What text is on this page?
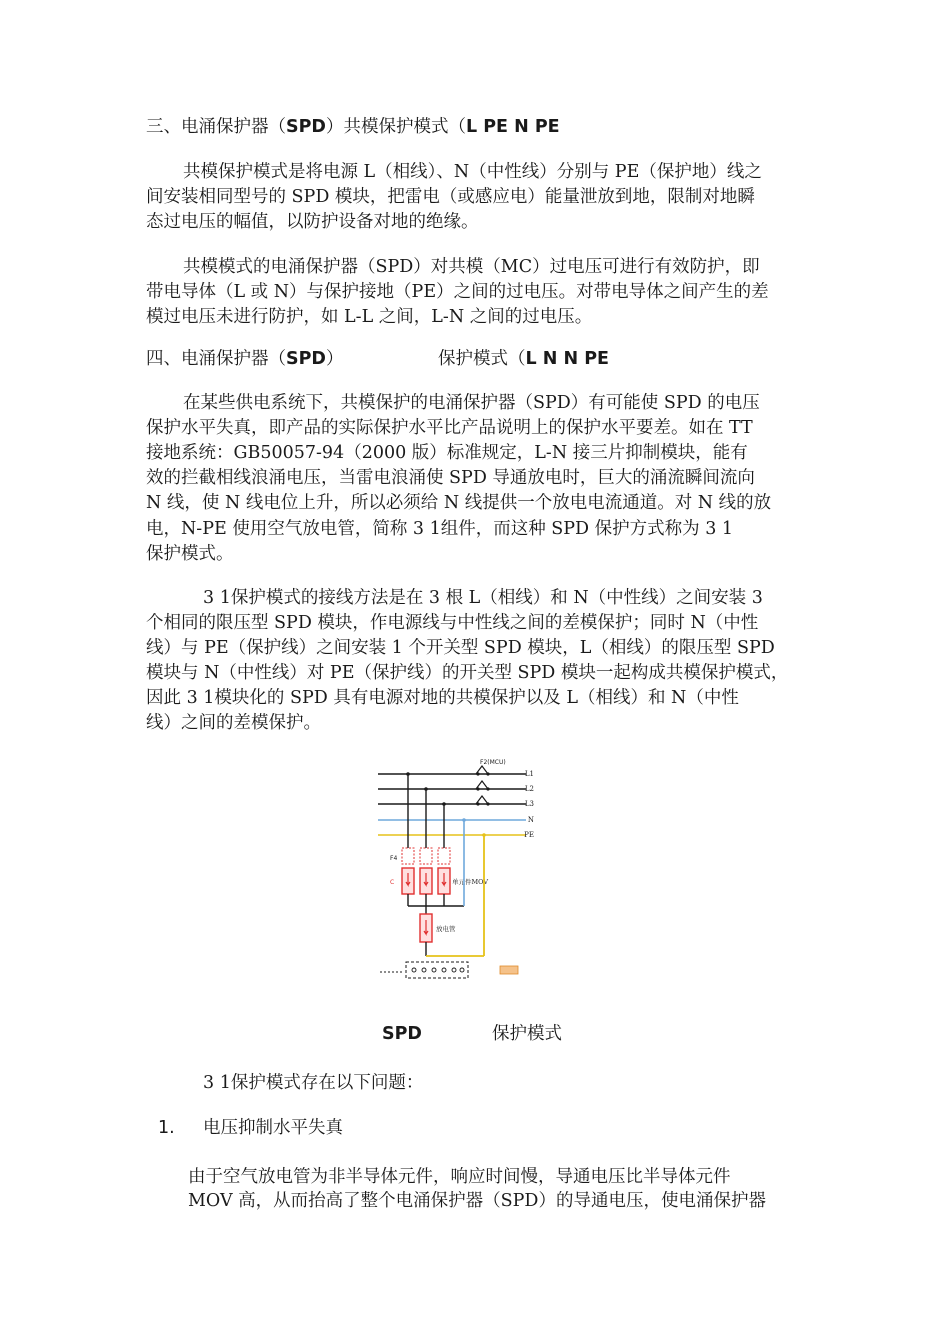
三、电涌保护器（SPD）共模保护模式（L PE N PE
共模保护模式是将电源 L（相线）、N（中性线）分别与 PE（保护地）线之
间安装相同型号的 SPD 模块，把雷电（或感应电）能量泄放到地，限制对地瞬
态过电压的幅值，以防护设备对地的绝缘。
共模模式的电涌保护器（SPD）对共模（MC）过电压可进行有效防护，即
带电导体（L 或 N）与保护接地（PE）之间的过电压。对带电导体之间产生的差
模过电压未进行防护，如 L-L 之间，L-N 之间的过电压。
四、电涌保护器（SPD）	保护模式（L N N PE
在某些供电系统下，共模保护的电涌保护器（SPD）有可能使 SPD 的电压
保护水平失真，即产品的实际保护水平比产品说明上的保护水平要差。如在 TT
接地系统：GB50057-94（2000 版）标准规定，L-N 接三片抑制模块，能有
效的拦截相线浪涌电压，当雷电浪涌使 SPD 导通放电时，巨大的涌流瞬间流向
N 线，使 N 线电位上升，所以必须给 N 线提供一个放电电流通道。对 N 线的放
电，N-PE 使用空气放电管，简称 3 1组件，而这种 SPD 保护方式称为 3 1
保护模式。
3 1保护模式的接线方法是在 3 根 L（相线）和 N（中性线）之间安装 3
个相同的限压型 SPD 模块，作电源线与中性线之间的差模保护；同时 N（中性
线）与 PE（保护线）之间安装 1 个开关型 SPD 模块，L（相线）的限压型 SPD
模块与 N（中性线）对 PE（保护线）的开关型 SPD 模块一起构成共模保护模式，
因此 3 1模块化的 SPD 具有电源对地的共模保护以及 L（相线）和 N（中性
线）之间的差模保护。
F2(MCU)
L1
L2
L3
N
PE
F4
C	单元件MOV
放电管
SPD	保护模式
3 1保护模式存在以下问题：
1. 电压抑制水平失真
由于空气放电管为非半导体元件，响应时间慢，导通电压比半导体元件
MOV 高，从而抬高了整个电涌保护器（SPD）的导通电压，使电涌保护器
